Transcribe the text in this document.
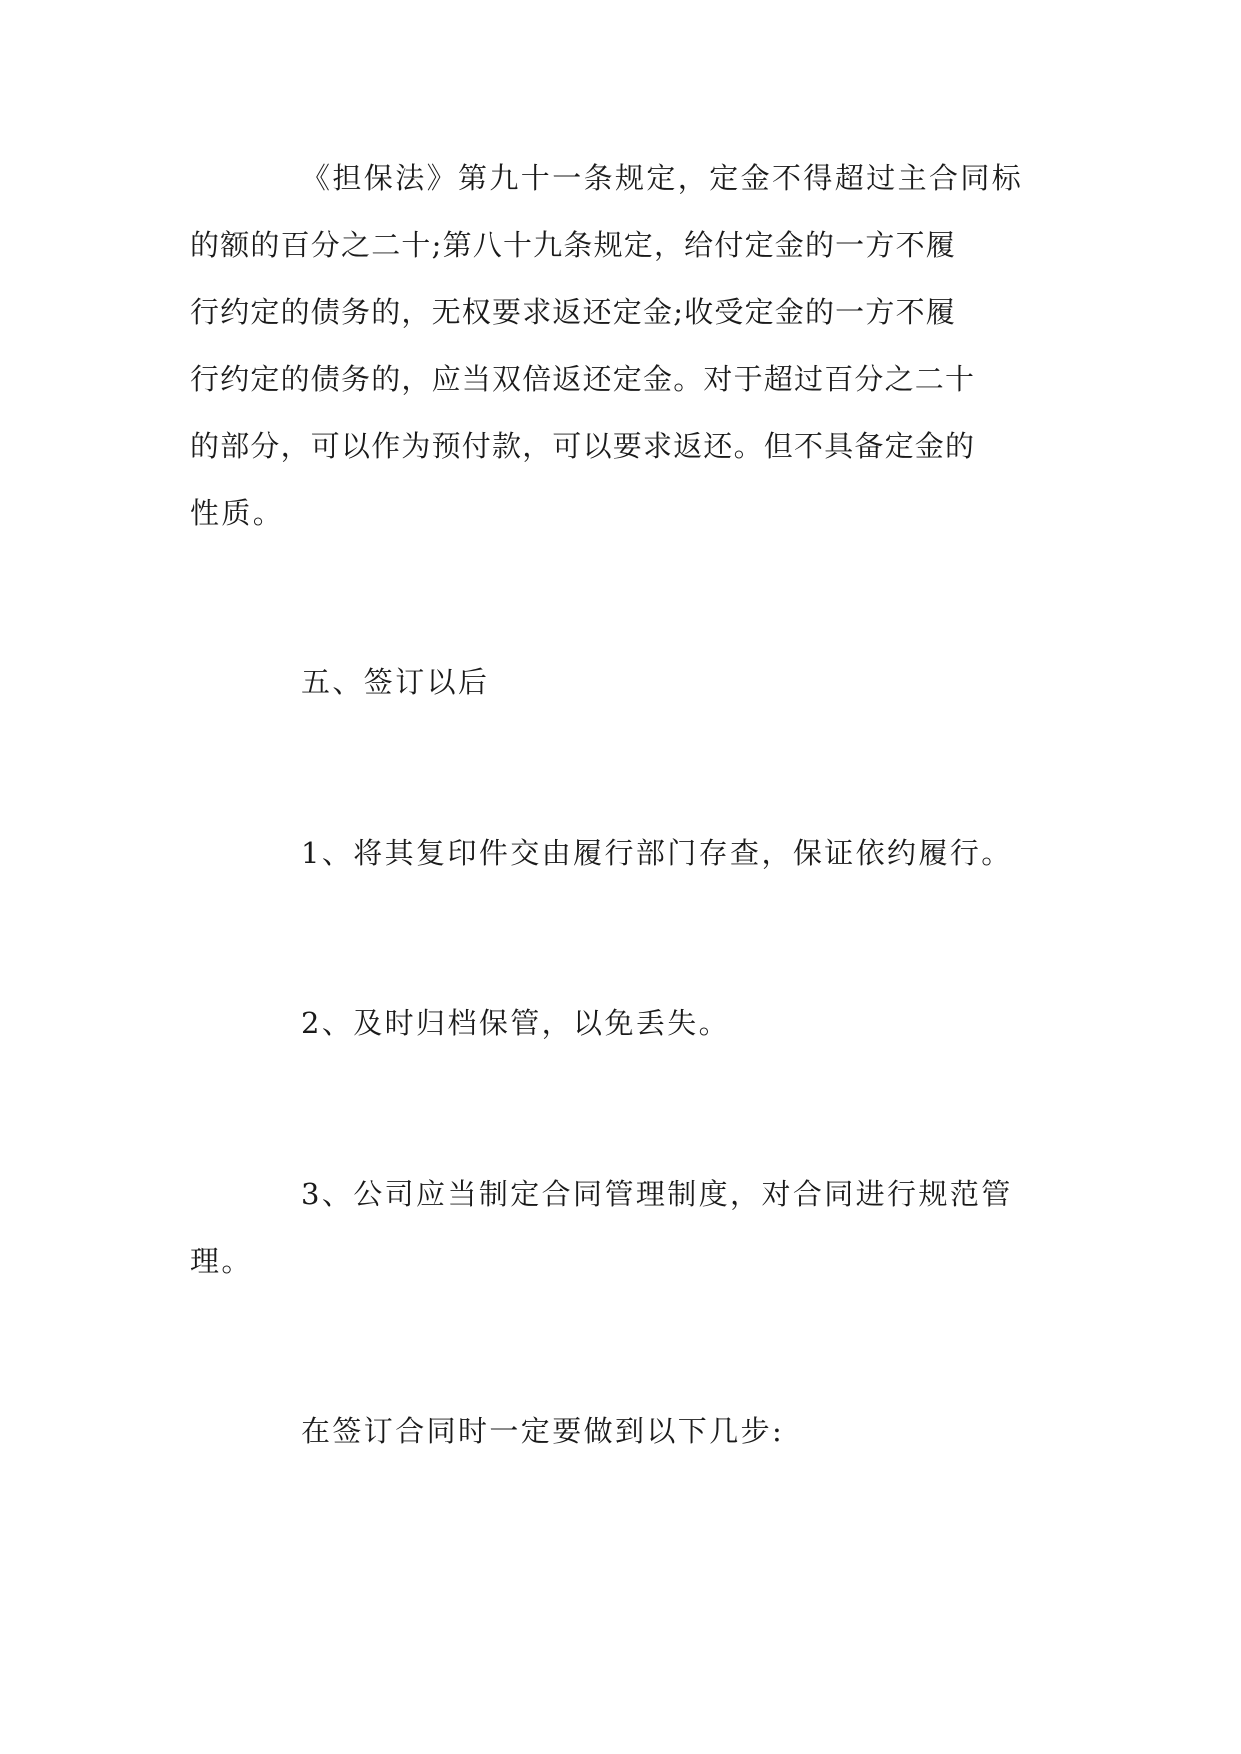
《担保法》第九十一条规定，定金不得超过主合同标
的额的百分之二十;第八十九条规定，给付定金的一方不履
行约定的债务的，无权要求返还定金;收受定金的一方不履
行约定的债务的，应当双倍返还定金。对于超过百分之二十
的部分，可以作为预付款，可以要求返还。但不具备定金的
性质。
五、签订以后
1、将其复印件交由履行部门存查，保证依约履行。
2、及时归档保管，以免丢失。
3、公司应当制定合同管理制度，对合同进行规范管
理。
在签订合同时一定要做到以下几步:
